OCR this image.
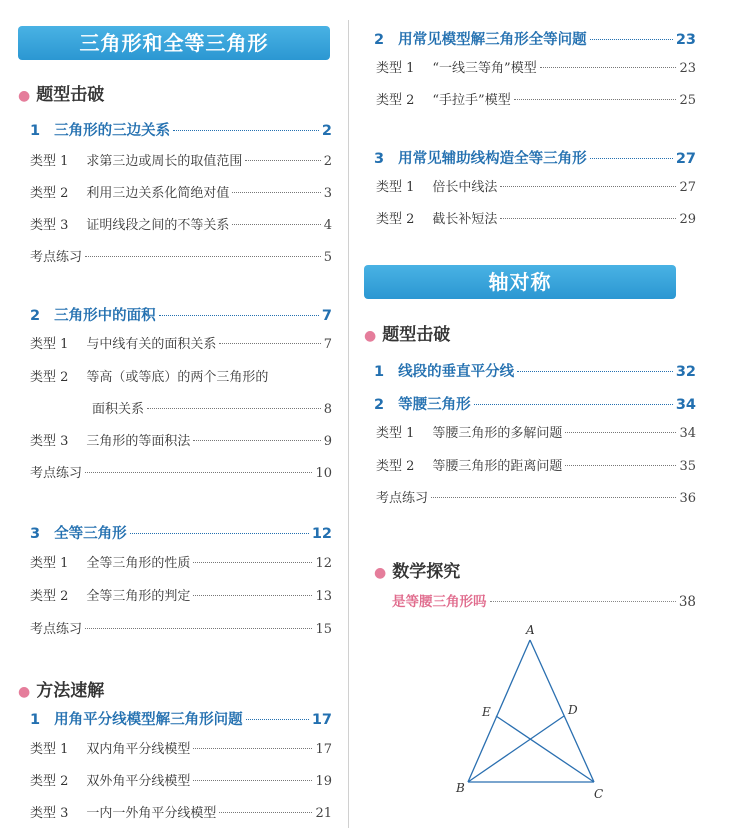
三角形和全等三角形
● 题型击破
1 三角形的三边关系	2
类型 1 求第三边或周长的取值范围	2
类型 2 利用三边关系化简绝对值	3
类型 3 证明线段之间的不等关系	4
考点练习	5
2 三角形中的面积	7
类型 1 与中线有关的面积关系	7
类型 2 等高（或等底）的两个三角形的
面积关系	8
类型 3 三角形的等面积法	9
考点练习	10
3 全等三角形	12
类型 1 全等三角形的性质	12
类型 2 全等三角形的判定	13
考点练习	15
● 方法速解
1 用角平分线模型解三角形问题	17
类型 1 双内角平分线模型	17
类型 2 双外角平分线模型	19
类型 3 一内一外角平分线模型	21
2 用常见模型解三角形全等问题	23
类型 1 “一线三等角”模型	23
类型 2 “手拉手”模型	25
3 用常见辅助线构造全等三角形	27
类型 1 倍长中线法	27
类型 2 截长补短法	29
轴对称
● 题型击破
1 线段的垂直平分线	32
2 等腰三角形	34
类型 1 等腰三角形的多解问题	34
类型 2 等腰三角形的距离问题	35
考点练习	36
● 数学探究
是等腰三角形吗	38
A
B	C
D
E
